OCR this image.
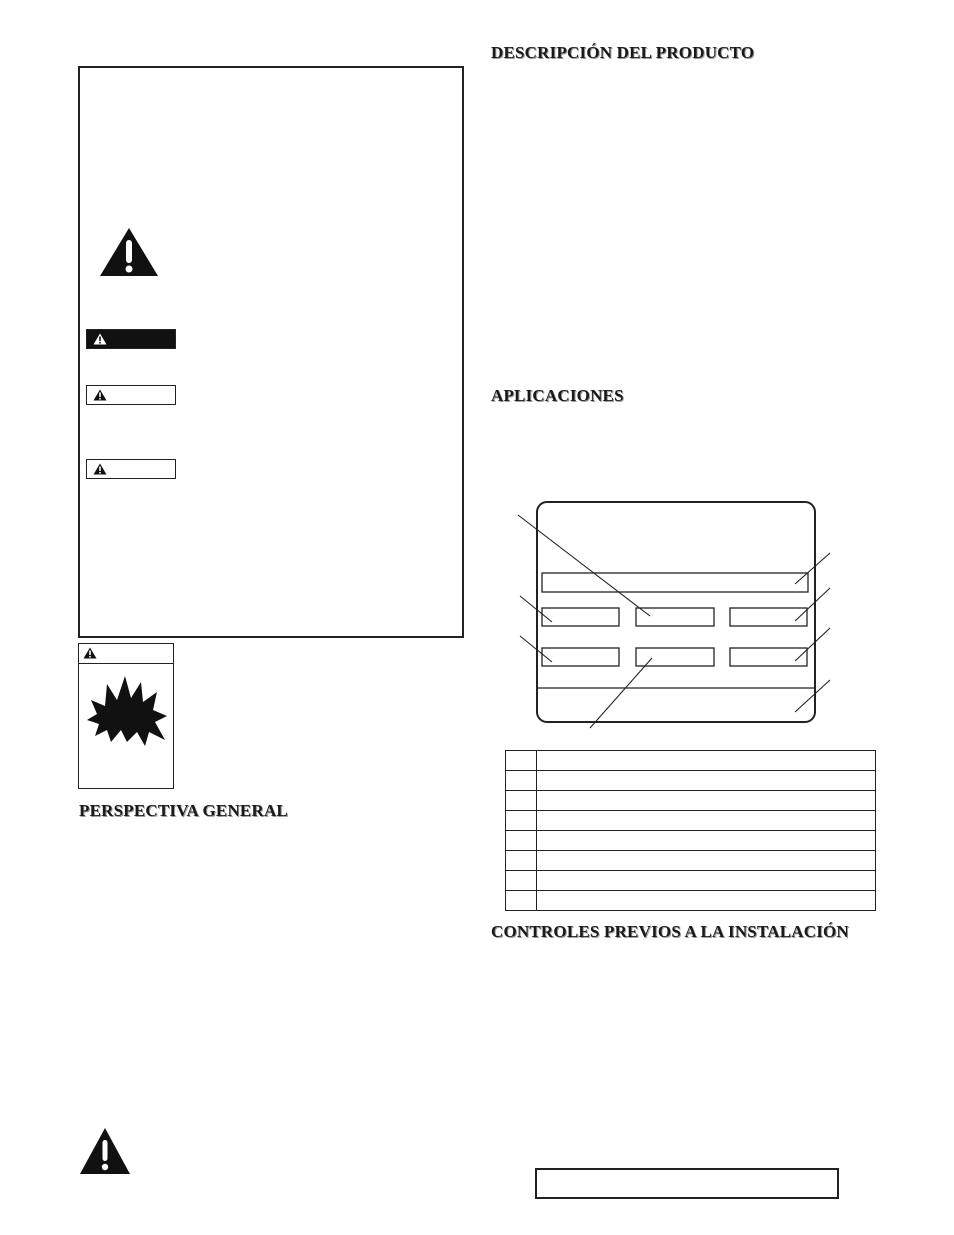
PERSPECTIVA GENERAL
DESCRIPCIÓN DEL PRODUCTO
APLICACIONES

CONTROLES PREVIOS A LA INSTALACIÓN
